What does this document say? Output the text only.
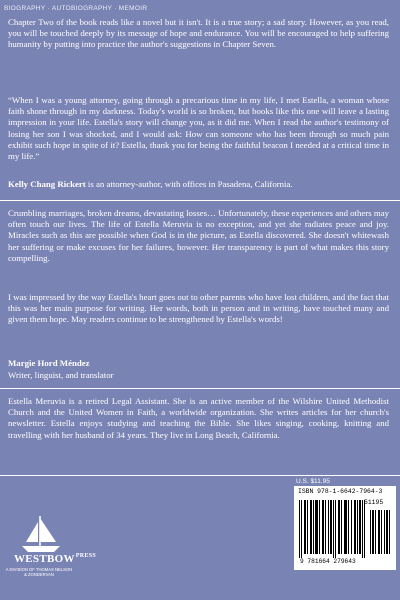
BIOGRAPHY · AUTOBIOGRAPHY · MEMOIR
Chapter Two of the book reads like a novel but it isn't. It is a true story; a sad story. However, as you read, you will be touched deeply by its message of hope and endurance. You will be encouraged to help suffering humanity by putting into practice the author's suggestions in Chapter Seven.
“When I was a young attorney, going through a precarious time in my life, I met Estella, a woman whose faith shone through in my darkness. Today's world is so broken, but books like this one will leave a lasting impression in your life. Estella's story will change you, as it did me. When I read the author's testimony of losing her son I was shocked, and I would ask: How can someone who has been through so much pain exhibit such hope in spite of it? Estella, thank you for being the faithful beacon I needed at a critical time in my life.”
Kelly Chang Rickert is an attorney-author, with offices in Pasadena, California.
Crumbling marriages, broken dreams, devastating losses… Unfortunately, these experiences and others may often touch our lives. The life of Estella Meruvia is no exception, and yet she radiates peace and joy. Miracles such as this are possible when God is in the picture, as Estella discovered. She doesn't whitewash her suffering or make excuses for her failures, however. Her transparency is part of what makes this story compelling.
I was impressed by the way Estella's heart goes out to other parents who have lost children, and the fact that this was her main purpose for writing. Her words, both in person and in writing, have touched many and given them hope. May readers continue to be strengthened by Estella's words!
Margie Hord Méndez
Writer, linguist, and translator
Estella Meruvia is a retired Legal Assistant. She is an active member of the Wilshire United Methodist Church and the United Women in Faith, a worldwide organization. She writes articles for her church's newsletter. Estella enjoys studying and teaching the Bible. She likes singing, cooking, knitting and travelling with her husband of 34 years. They live in Long Beach, California.
$WESTBOW^{PRESS}$
A DIVISION OF THOMAS NELSON & ZONDERVAN
U.S. $11.95
ISBN 978-1-6642-7964-3
51195
9 781664 279643
